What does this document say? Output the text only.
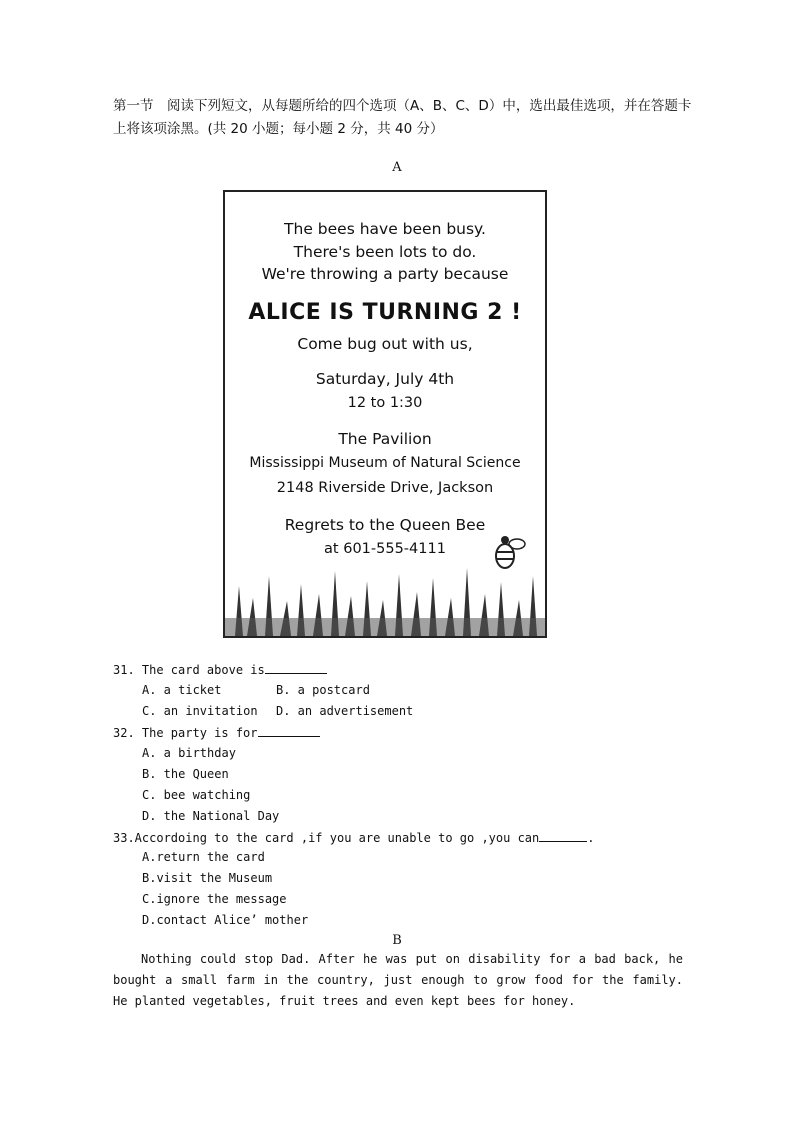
第一节　阅读下列短文，从每题所给的四个选项（A、B、C、D）中，选出最佳选项，并在答题卡上将该项涂黑。(共 20 小题；每小题 2 分，共 40 分）
A
The bees have been busy.
There's been lots to do.
We're throwing a party because
ALICE IS TURNING 2 !
Come bug out with us,
Saturday, July 4th
12 to 1:30
The Pavilion
Mississippi Museum of Natural Science
2148 Riverside Drive, Jackson
Regrets to the Queen Bee
at 601-555-4111
31. The card above is
A. a ticket	B. a postcard
C. an invitation D. an advertisement
32. The party is for
A. a birthday
B. the Queen
C. bee watching
D. the National Day
33.Accordoing to the card ,if you are unable to go ,you can	.
A.return the card
B.visit the Museum
C.ignore the message
D.contact Alice’ mother
B

Nothing could stop Dad. After he was put on disability for a bad back, he bought a small farm in the country, just enough to grow food for the family. He planted vegetables, fruit trees and even kept bees for honey.
